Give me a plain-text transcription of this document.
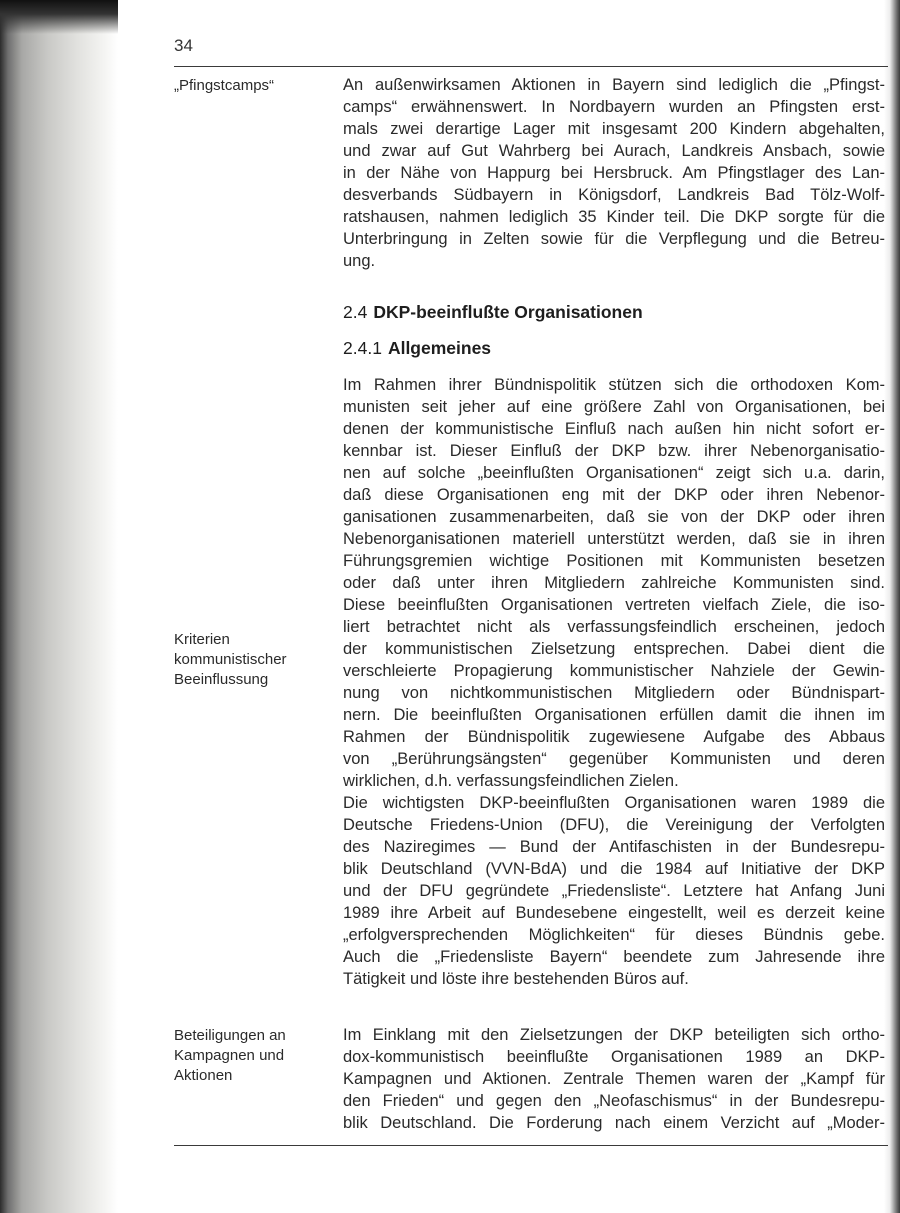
34
„Pfingstcamps“	An außenwirksamen Aktionen in Bayern sind lediglich die „Pfingst-
camps“ erwähnenswert. In Nordbayern wurden an Pfingsten erst-
mals zwei derartige Lager mit insgesamt 200 Kindern abgehalten,
und zwar auf Gut Wahrberg bei Aurach, Landkreis Ansbach, sowie
in der Nähe von Happurg bei Hersbruck. Am Pfingstlager des Lan-
desverbands Südbayern in Königsdorf, Landkreis Bad Tölz-Wolf-
ratshausen, nahmen lediglich 35 Kinder teil. Die DKP sorgte für die
Unterbringung in Zelten sowie für die Verpflegung und die Betreu-
ung.
2.4 DKP-beeinflußte Organisationen
2.4.1 Allgemeines
Im Rahmen ihrer Bündnispolitik stützen sich die orthodoxen Kom-
munisten seit jeher auf eine größere Zahl von Organisationen, bei
denen der kommunistische Einfluß nach außen hin nicht sofort er-
kennbar ist. Dieser Einfluß der DKP bzw. ihrer Nebenorganisatio-
nen auf solche „beeinflußten Organisationen“ zeigt sich u.a. darin,
daß diese Organisationen eng mit der DKP oder ihren Nebenor-
ganisationen zusammenarbeiten, daß sie von der DKP oder ihren
Nebenorganisationen materiell unterstützt werden, daß sie in ihren
Führungsgremien wichtige Positionen mit Kommunisten besetzen
oder daß unter ihren Mitgliedern zahlreiche Kommunisten sind.
Diese beeinflußten Organisationen vertreten vielfach Ziele, die iso-
liert betrachtet nicht als verfassungsfeindlich erscheinen, jedoch
der kommunistischen Zielsetzung entsprechen. Dabei dient die
verschleierte Propagierung kommunistischer Nahziele der Gewin-
nung von nichtkommunistischen Mitgliedern oder Bündnispart-
nern. Die beeinflußten Organisationen erfüllen damit die ihnen im
Rahmen der Bündnispolitik zugewiesene Aufgabe des Abbaus
von „Berührungsängsten“ gegenüber Kommunisten und deren
wirklichen, d.h. verfassungsfeindlichen Zielen.
Kriterien
kommunistischer
Beeinflussung
Die wichtigsten DKP-beeinflußten Organisationen waren 1989 die
Deutsche Friedens-Union (DFU), die Vereinigung der Verfolgten
des Naziregimes — Bund der Antifaschisten in der Bundesrepu-
blik Deutschland (VVN-BdA) und die 1984 auf Initiative der DKP
und der DFU gegründete „Friedensliste“. Letztere hat Anfang Juni
1989 ihre Arbeit auf Bundesebene eingestellt, weil es derzeit keine
„erfolgversprechenden Möglichkeiten“ für dieses Bündnis gebe.
Auch die „Friedensliste Bayern“ beendete zum Jahresende ihre
Tätigkeit und löste ihre bestehenden Büros auf.
Beteiligungen an
Kampagnen und
Aktionen
Im Einklang mit den Zielsetzungen der DKP beteiligten sich ortho-
dox-kommunistisch beeinflußte Organisationen 1989 an DKP-
Kampagnen und Aktionen. Zentrale Themen waren der „Kampf für
den Frieden“ und gegen den „Neofaschismus“ in der Bundesrepu-
blik Deutschland. Die Forderung nach einem Verzicht auf „Moder-
